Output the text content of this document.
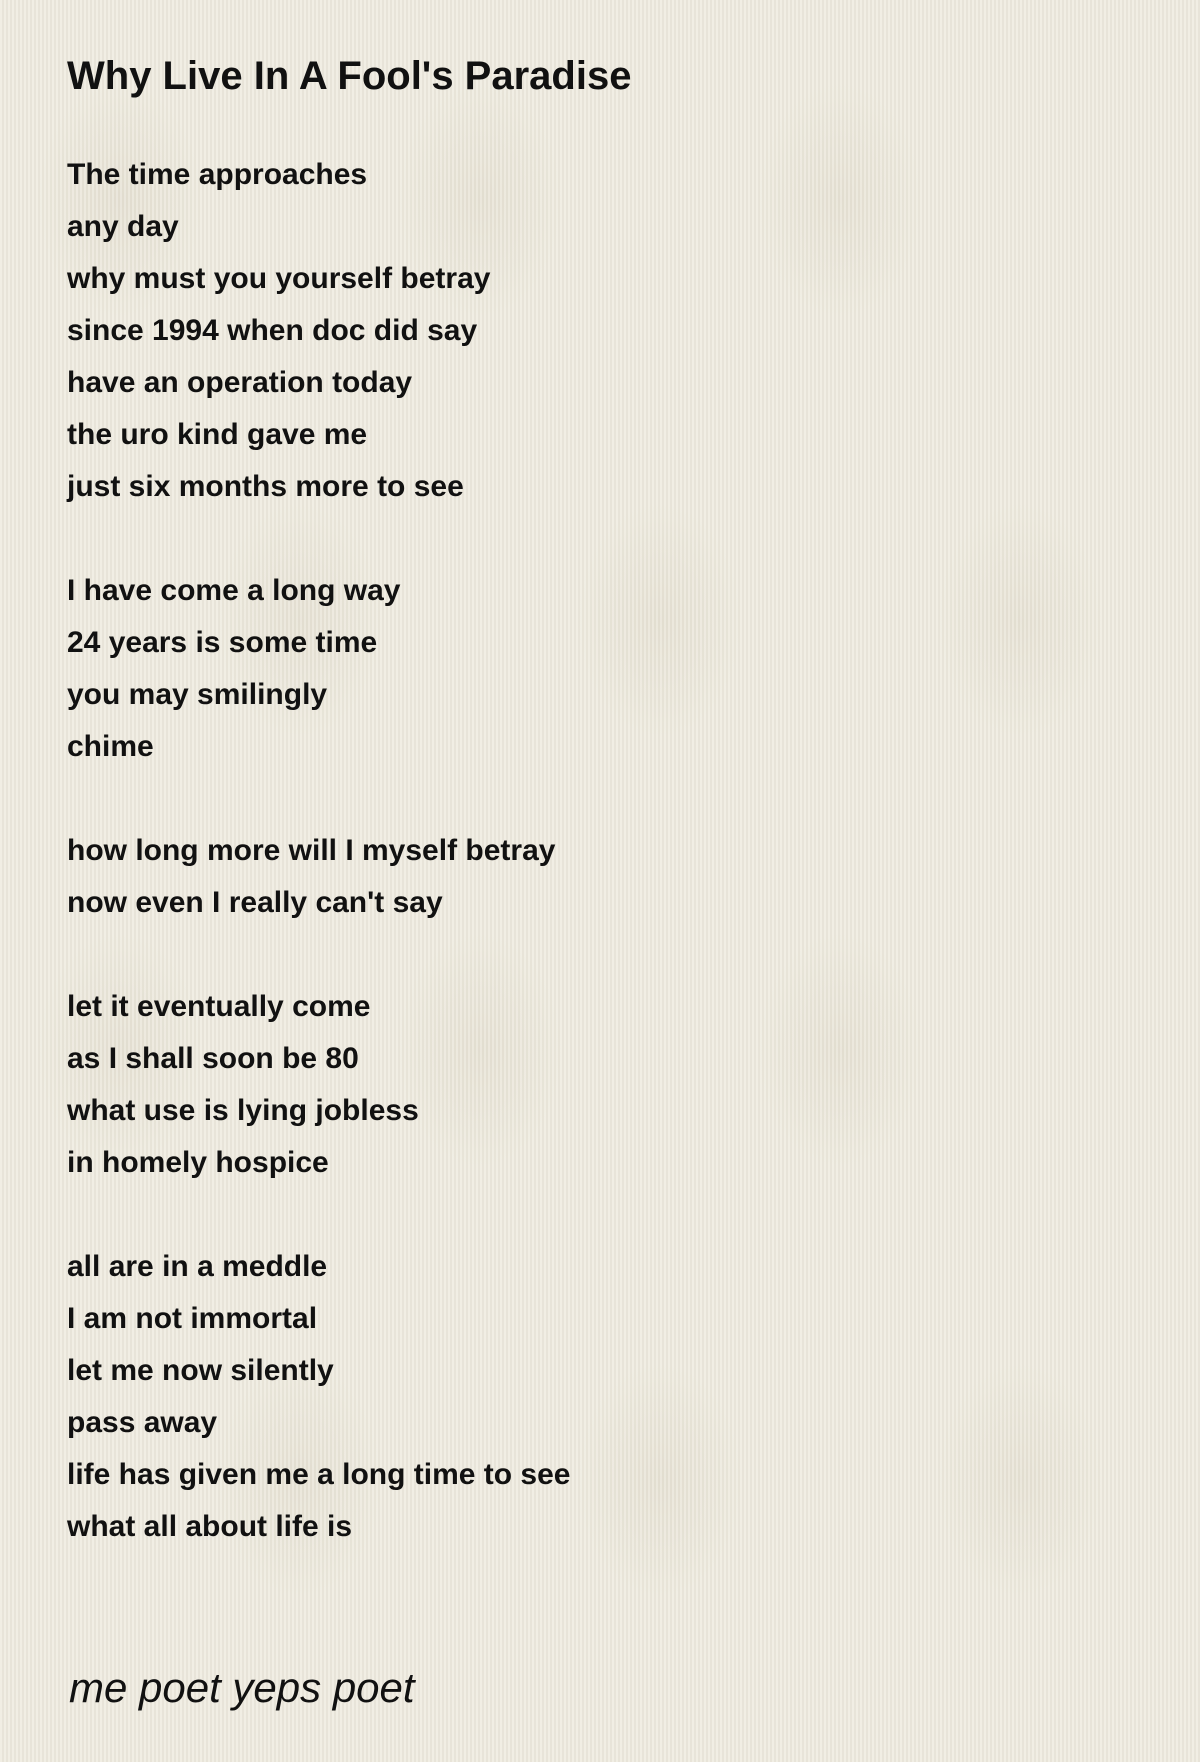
Why Live In A Fool's Paradise
The time approaches
any day
why must you yourself betray
since 1994 when doc did say
have an operation today
the uro kind gave me
just six months more to see
I have come a long way
24 years is some time
you may smilingly
chime
how long more will I myself betray
now even I really can't say
let it eventually come
as I shall soon be 80
what use is lying jobless
in homely hospice
all are in a meddle
I am not immortal
let me now silently
pass away
life has given me a long time to see
what all about life is
me poet yeps poet
